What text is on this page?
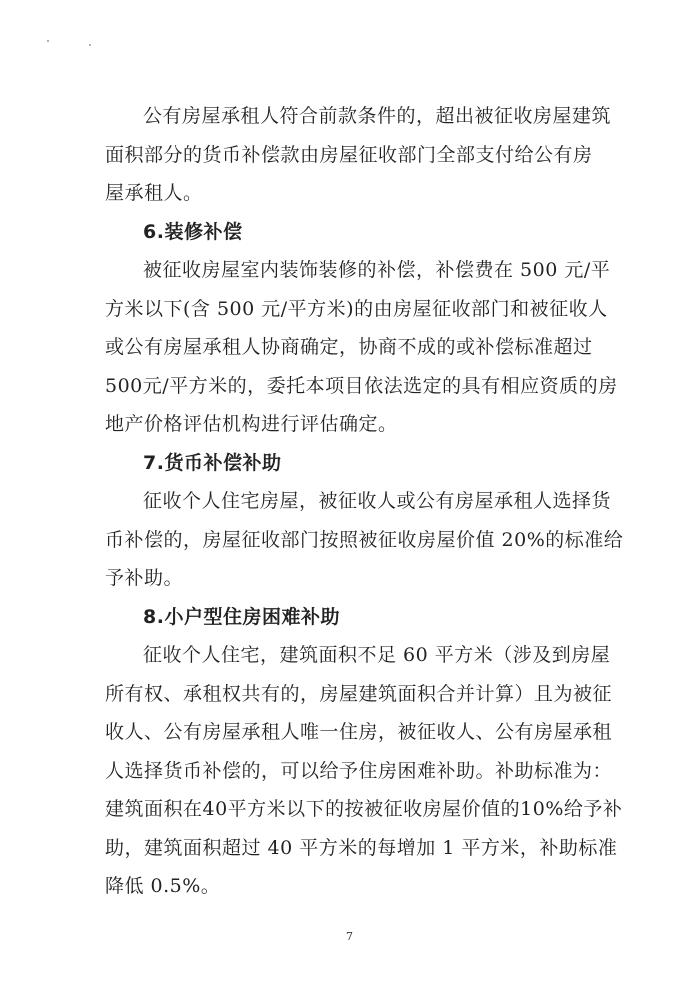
公有房屋承租人符合前款条件的，超出被征收房屋建筑
面积部分的货币补偿款由房屋征收部门全部支付给公有房
屋承租人。
6.装修补偿
被征收房屋室内装饰装修的补偿，补偿费在 500 元/平
方米以下(含 500 元/平方米)的由房屋征收部门和被征收人
或公有房屋承租人协商确定，协商不成的或补偿标准超过
500元/平方米的，委托本项目依法选定的具有相应资质的房
地产价格评估机构进行评估确定。
7.货币补偿补助
征收个人住宅房屋，被征收人或公有房屋承租人选择货
币补偿的，房屋征收部门按照被征收房屋价值 20%的标准给
予补助。
8.小户型住房困难补助
征收个人住宅，建筑面积不足 60 平方米（涉及到房屋
所有权、承租权共有的，房屋建筑面积合并计算）且为被征
收人、公有房屋承租人唯一住房，被征收人、公有房屋承租
人选择货币补偿的，可以给予住房困难补助。补助标准为：
建筑面积在40平方米以下的按被征收房屋价值的10%给予补
助，建筑面积超过 40 平方米的每增加 1 平方米，补助标准
降低 0.5%。
7
